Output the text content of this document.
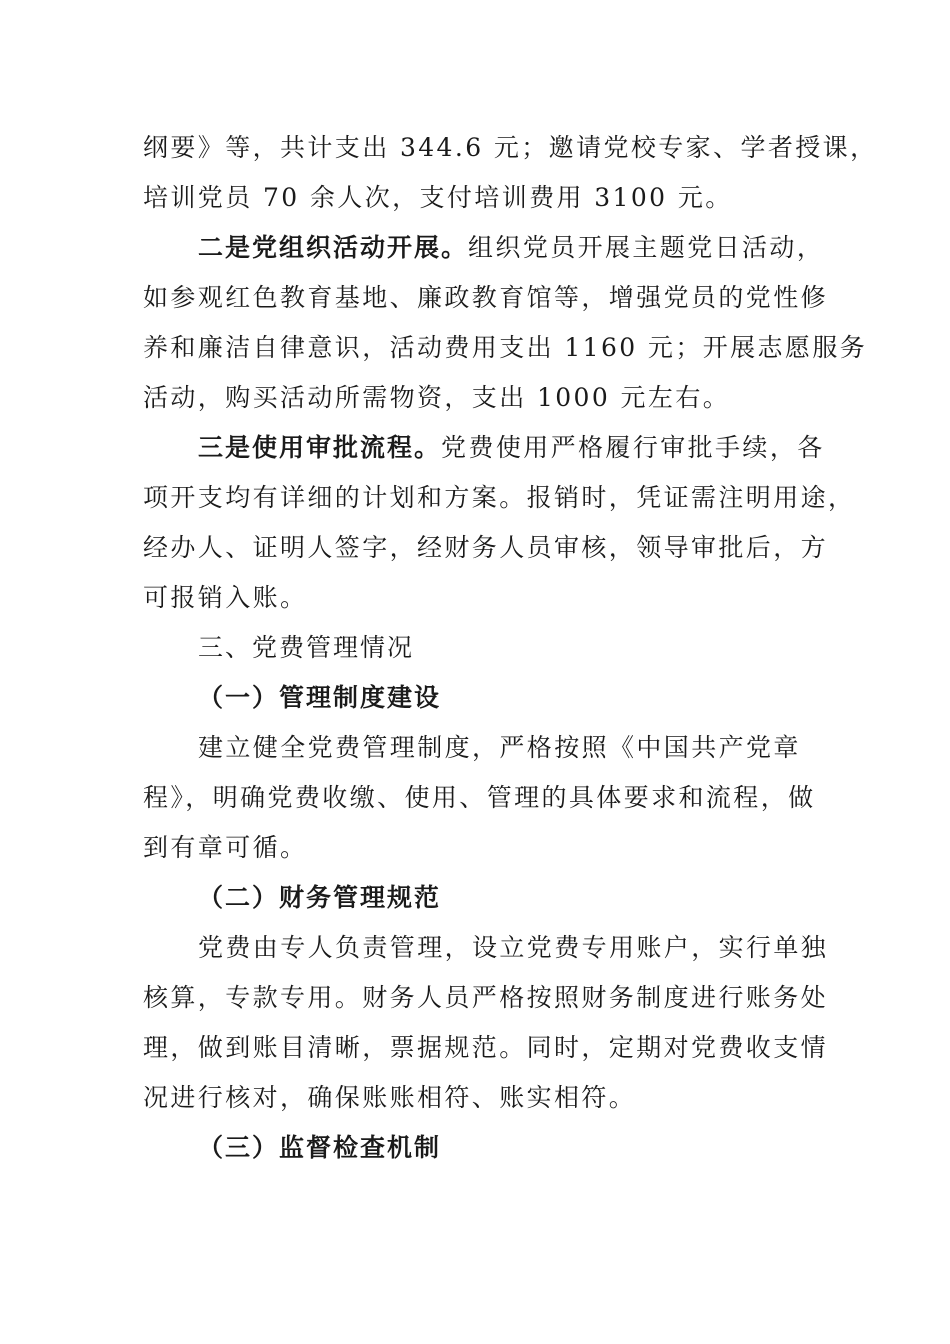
纲要》等，共计支出 344.6 元；邀请党校专家、学者授课，
培训党员 70 余人次，支付培训费用 3100 元。
二是党组织活动开展。组织党员开展主题党日活动，
如参观红色教育基地、廉政教育馆等，增强党员的党性修
养和廉洁自律意识，活动费用支出 1160 元；开展志愿服务
活动，购买活动所需物资，支出 1000 元左右。
三是使用审批流程。党费使用严格履行审批手续，各
项开支均有详细的计划和方案。报销时，凭证需注明用途，
经办人、证明人签字，经财务人员审核，领导审批后，方
可报销入账。
三、党费管理情况
（一）管理制度建设
建立健全党费管理制度，严格按照《中国共产党章
程》，明确党费收缴、使用、管理的具体要求和流程，做
到有章可循。
（二）财务管理规范
党费由专人负责管理，设立党费专用账户，实行单独
核算，专款专用。财务人员严格按照财务制度进行账务处
理，做到账目清晰，票据规范。同时，定期对党费收支情
况进行核对，确保账账相符、账实相符。
（三）监督检查机制
